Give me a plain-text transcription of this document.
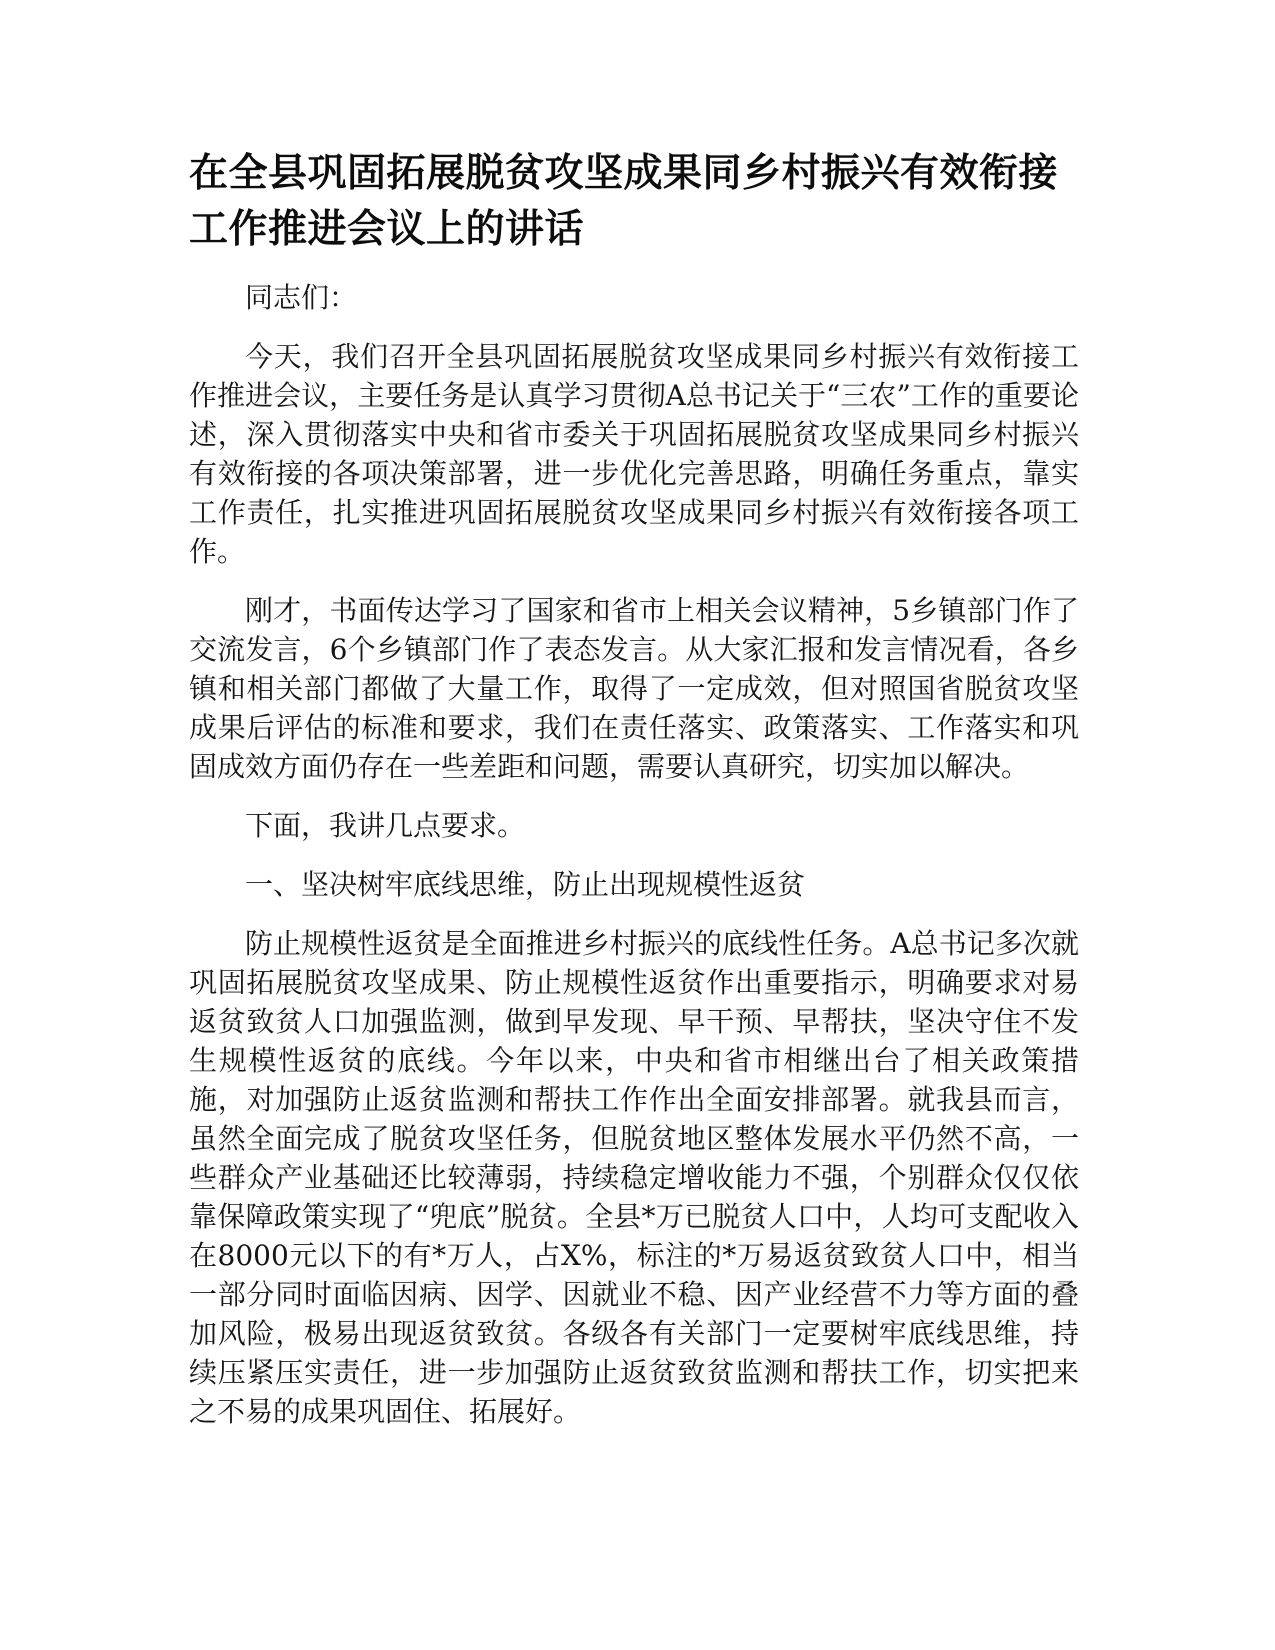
在全县巩固拓展脱贫攻坚成果同乡村振兴有效衔接工作推进会议上的讲话

同志们：

今天，我们召开全县巩固拓展脱贫攻坚成果同乡村振兴有效衔接工作推进会议，主要任务是认真学习贯彻A总书记关于“三农”工作的重要论述，深入贯彻落实中央和省市委关于巩固拓展脱贫攻坚成果同乡村振兴有效衔接的各项决策部署，进一步优化完善思路，明确任务重点，靠实工作责任，扎实推进巩固拓展脱贫攻坚成果同乡村振兴有效衔接各项工作。

刚才，书面传达学习了国家和省市上相关会议精神，5乡镇部门作了交流发言，6个乡镇部门作了表态发言。从大家汇报和发言情况看，各乡镇和相关部门都做了大量工作，取得了一定成效，但对照国省脱贫攻坚成果后评估的标准和要求，我们在责任落实、政策落实、工作落实和巩固成效方面仍存在一些差距和问题，需要认真研究，切实加以解决。

下面，我讲几点要求。

一、坚决树牢底线思维，防止出现规模性返贫

防止规模性返贫是全面推进乡村振兴的底线性任务。A总书记多次就巩固拓展脱贫攻坚成果、防止规模性返贫作出重要指示，明确要求对易返贫致贫人口加强监测，做到早发现、早干预、早帮扶，坚决守住不发生规模性返贫的底线。今年以来，中央和省市相继出台了相关政策措施，对加强防止返贫监测和帮扶工作作出全面安排部署。就我县而言，虽然全面完成了脱贫攻坚任务，但脱贫地区整体发展水平仍然不高，一些群众产业基础还比较薄弱，持续稳定增收能力不强，个别群众仅仅依靠保障政策实现了“兜底”脱贫。全县*万已脱贫人口中，人均可支配收入在8000元以下的有*万人，占X%，标注的*万易返贫致贫人口中，相当一部分同时面临因病、因学、因就业不稳、因产业经营不力等方面的叠加风险，极易出现返贫致贫。各级各有关部门一定要树牢底线思维，持续压紧压实责任，进一步加强防止返贫致贫监测和帮扶工作，切实把来之不易的成果巩固住、拓展好。
